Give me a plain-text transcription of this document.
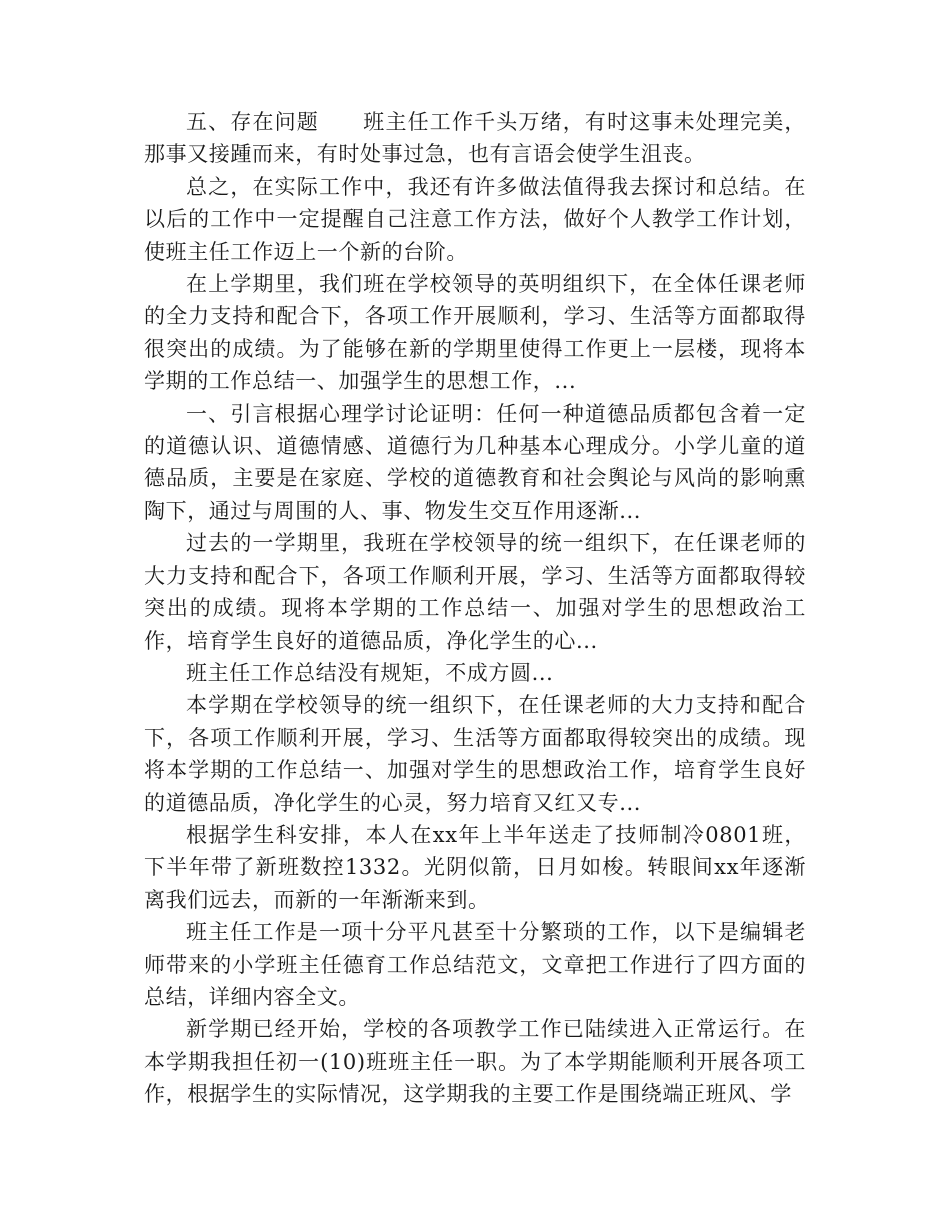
五、存在问题　　班主任工作千头万绪，有时这事未处理完美，那事又接踵而来，有时处事过急，也有言语会使学生沮丧。

总之，在实际工作中，我还有许多做法值得我去探讨和总结。在以后的工作中一定提醒自己注意工作方法，做好个人教学工作计划，使班主任工作迈上一个新的台阶。

在上学期里，我们班在学校领导的英明组织下，在全体任课老师的全力支持和配合下，各项工作开展顺利，学习、生活等方面都取得很突出的成绩。为了能够在新的学期里使得工作更上一层楼，现将本学期的工作总结一、加强学生的思想工作，...

一、引言根据心理学讨论证明：任何一种道德品质都包含着一定的道德认识、道德情感、道德行为几种基本心理成分。小学儿童的道德品质，主要是在家庭、学校的道德教育和社会舆论与风尚的影响熏陶下，通过与周围的人、事、物发生交互作用逐渐...

过去的一学期里，我班在学校领导的统一组织下，在任课老师的大力支持和配合下，各项工作顺利开展，学习、生活等方面都取得较突出的成绩。现将本学期的工作总结一、加强对学生的思想政治工作，培育学生良好的道德品质，净化学生的心...

班主任工作总结没有规矩，不成方圆...

本学期在学校领导的统一组织下，在任课老师的大力支持和配合下，各项工作顺利开展，学习、生活等方面都取得较突出的成绩。现将本学期的工作总结一、加强对学生的思想政治工作，培育学生良好的道德品质，净化学生的心灵，努力培育又红又专...

根据学生科安排，本人在xx年上半年送走了技师制冷0801班，下半年带了新班数控1332。光阴似箭，日月如梭。转眼间xx年逐渐离我们远去，而新的一年渐渐来到。

班主任工作是一项十分平凡甚至十分繁琐的工作，以下是编辑老师带来的小学班主任德育工作总结范文，文章把工作进行了四方面的总结，详细内容全文。

新学期已经开始，学校的各项教学工作已陆续进入正常运行。在本学期我担任初一(10)班班主任一职。为了本学期能顺利开展各项工作，根据学生的实际情况，这学期我的主要工作是围绕端正班风、学
